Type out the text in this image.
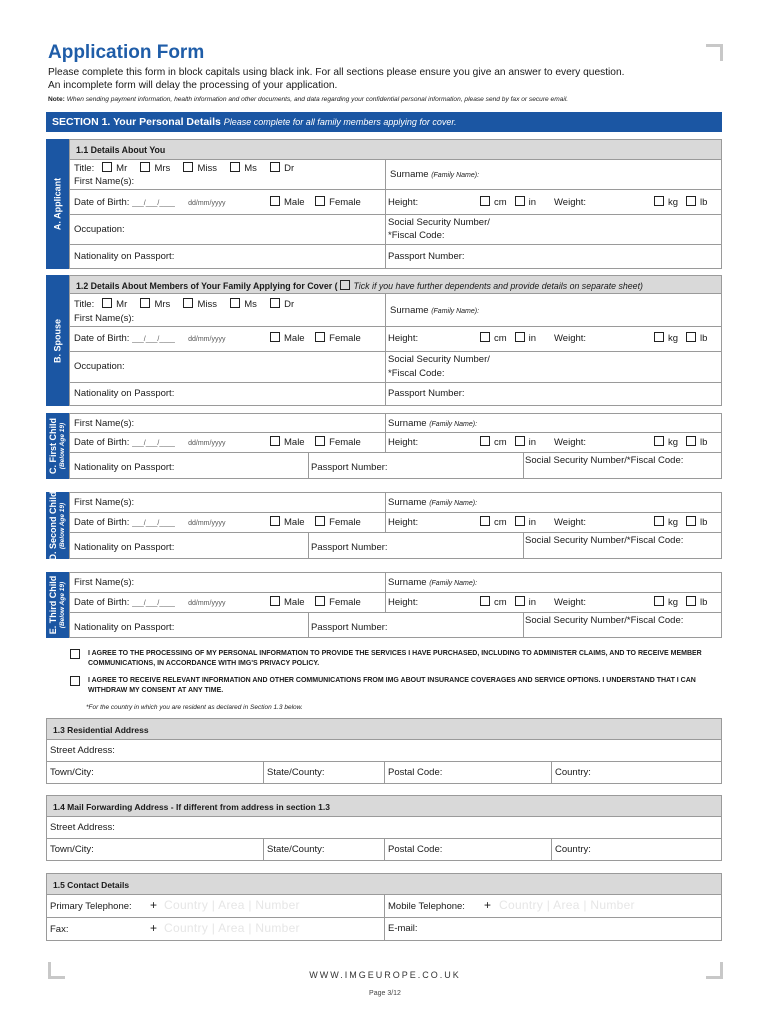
Application Form
Please complete this form in block capitals using black ink. For all sections please ensure you give an answer to every question.
An incomplete form will delay the processing of your application.
Note: When sending payment information, health information and other documents, and data regarding your confidential personal information, please send by fax or secure email.
SECTION 1. Your Personal Details Please complete for all family members applying for cover.
A. Applicant
1.1 Details About You
Title: Mr	Mrs	Miss	Ms	Dr
First Name(s):
Surname (Family Name):
Date of Birth: ___/___/____ dd/mm/yyyy	Male	Female	Height:	cm in Weight:	kg lb
Occupation:
Social Security Number/
*Fiscal Code:
Nationality on Passport:	Passport Number:
B. Spouse
1.2 Details About Members of Your Family Applying for Cover ( Tick if you have further dependents and provide details on separate sheet)
Title: Mr	Mrs	Miss	Ms	Dr
First Name(s):
Surname (Family Name):
Date of Birth: ___/___/____ dd/mm/yyyy	Male	Female	Height:	cm in Weight:	kg lb
Occupation:
Social Security Number/
*Fiscal Code:
Nationality on Passport:	Passport Number:
C. First Child (Below Age 19) First Name(s):	Surname (Family Name):
Date of Birth: ___/___/____ dd/mm/yyyy	Male	Female	Height:	cm in Weight:	kg lb
Nationality on Passport:	Passport Number:
Social Security Number/*Fiscal Code:
D. Second Child (Below Age 19) First Name(s):	Surname (Family Name):
Date of Birth: ___/___/____ dd/mm/yyyy	Male	Female	Height:	cm in Weight:	kg lb
Nationality on Passport:	Passport Number:
Social Security Number/*Fiscal Code:
E. Third Child (Below Age 19) First Name(s):	Surname (Family Name):
Date of Birth: ___/___/____ dd/mm/yyyy	Male	Female	Height:	cm in Weight:	kg lb
Nationality on Passport:	Passport Number:
Social Security Number/*Fiscal Code:

I AGREE TO THE PROCESSING OF MY PERSONAL INFORMATION TO PROVIDE THE SERVICES I HAVE PURCHASED, INCLUDING TO ADMINISTER CLAIMS, AND TO RECEIVE MEMBER COMMUNICATIONS, IN ACCORDANCE WITH IMG'S PRIVACY POLICY.

I AGREE TO RECEIVE RELEVANT INFORMATION AND OTHER COMMUNICATIONS FROM IMG ABOUT INSURANCE COVERAGES AND SERVICE OPTIONS. I UNDERSTAND THAT I CAN WITHDRAW MY CONSENT AT ANY TIME.

*For the country in which you are resident as declared in Section 1.3 below.
1.3 Residential Address
Street Address:
Town/City:	State/County:	Postal Code:	Country:
1.4 Mail Forwarding Address - If different from address in section 1.3
Street Address:
Town/City:	State/County:	Postal Code:	Country:
1.5 Contact Details
Primary Telephone: + Country | Area | Number	Mobile Telephone: + Country | Area | Number
Fax:	+ Country | Area | Number	E-mail:
WWW.IMGEUROPE.CO.UK
Page 3/12
